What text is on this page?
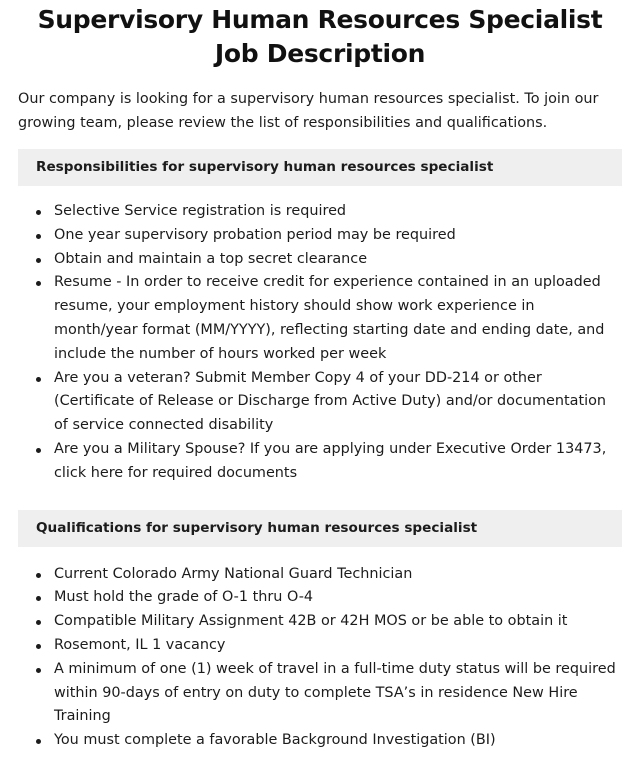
Supervisory Human Resources Specialist Job Description

Our company is looking for a supervisory human resources specialist. To join our growing team, please review the list of responsibilities and qualifications.

Responsibilities for supervisory human resources specialist
Selective Service registration is required
One year supervisory probation period may be required
Obtain and maintain a top secret clearance
Resume - In order to receive credit for experience contained in an uploaded resume, your employment history should show work experience in month/year format (MM/YYYY), reflecting starting date and ending date, and include the number of hours worked per week
Are you a veteran? Submit Member Copy 4 of your DD-214 or other (Certificate of Release or Discharge from Active Duty) and/or documentation of service connected disability
Are you a Military Spouse? If you are applying under Executive Order 13473, click here for required documents
Qualifications for supervisory human resources specialist
Current Colorado Army National Guard Technician
Must hold the grade of O-1 thru O-4
Compatible Military Assignment 42B or 42H MOS or be able to obtain it
Rosemont, IL 1 vacancy
A minimum of one (1) week of travel in a full-time duty status will be required within 90-days of entry on duty to complete TSA’s in residence New Hire Training
You must complete a favorable Background Investigation (BI)
